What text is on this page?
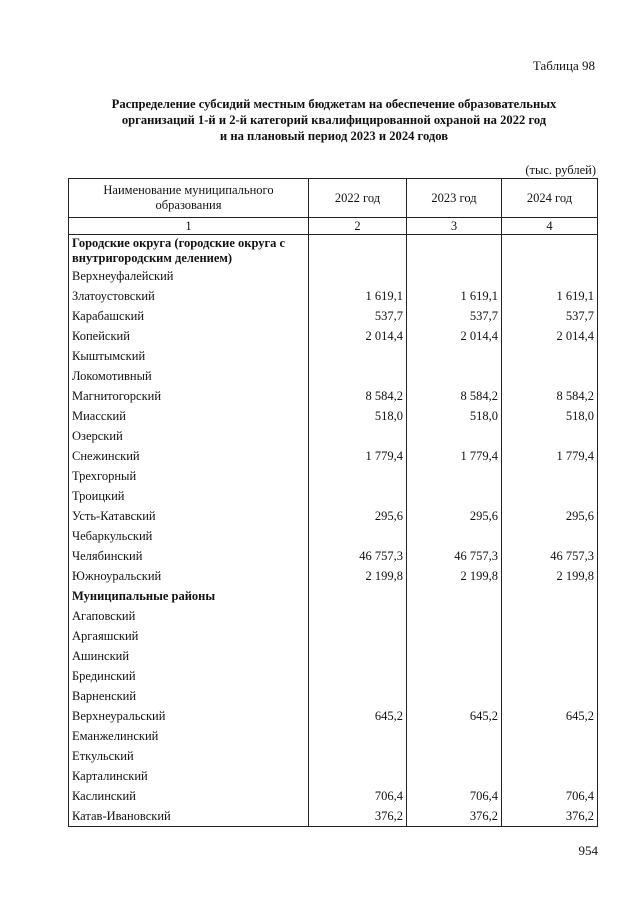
Таблица 98
Распределение субсидий местным бюджетам на обеспечение образовательных
организаций 1-й и 2-й категорий квалифицированной охраной на 2022 год
и на плановый период 2023 и 2024 годов
(тыс. рублей)
Наименование муниципального образования	2022 год	2023 год	2024 год
1	2	3	4
Городские округа (городские округа с внутригородским делением)			
Верхнеуфалейский			
Златоустовский	1 619,1	1 619,1	1 619,1
Карабашский	537,7	537,7	537,7
Копейский	2 014,4	2 014,4	2 014,4
Кыштымский			
Локомотивный			
Магнитогорский	8 584,2	8 584,2	8 584,2
Миасский	518,0	518,0	518,0
Озерский			
Снежинский	1 779,4	1 779,4	1 779,4
Трехгорный			
Троицкий			
Усть-Катавский	295,6	295,6	295,6
Чебаркульский			
Челябинский	46 757,3	46 757,3	46 757,3
Южноуральский	2 199,8	2 199,8	2 199,8
Муниципальные районы			
Агаповский			
Аргаяшский			
Ашинский			
Брединский			
Варненский			
Верхнеуральский	645,2	645,2	645,2
Еманжелинский			
Еткульский			
Карталинский			
Каслинский	706,4	706,4	706,4
Катав-Ивановский	376,2	376,2	376,2
954
